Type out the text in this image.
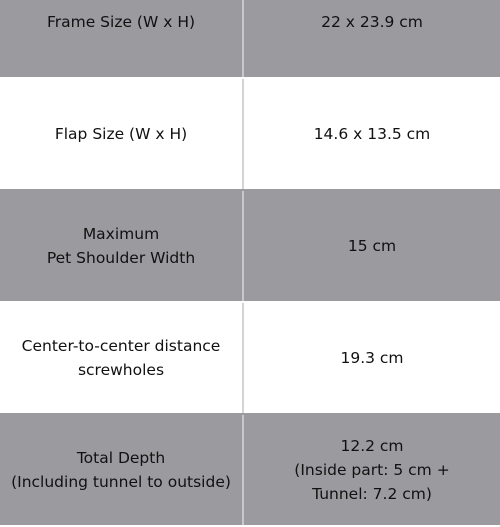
Frame Size (W x H)	22 x 23.9 cm

Flap Size (W x H)	14.6 x 13.5 cm

Maximum
Pet Shoulder Width	15 cm

Center-to-center distance
screwholes	19.3 cm

Total Depth
(Including tunnel to outside)	12.2 cm
(Inside part: 5 cm +
Tunnel: 7.2 cm)
